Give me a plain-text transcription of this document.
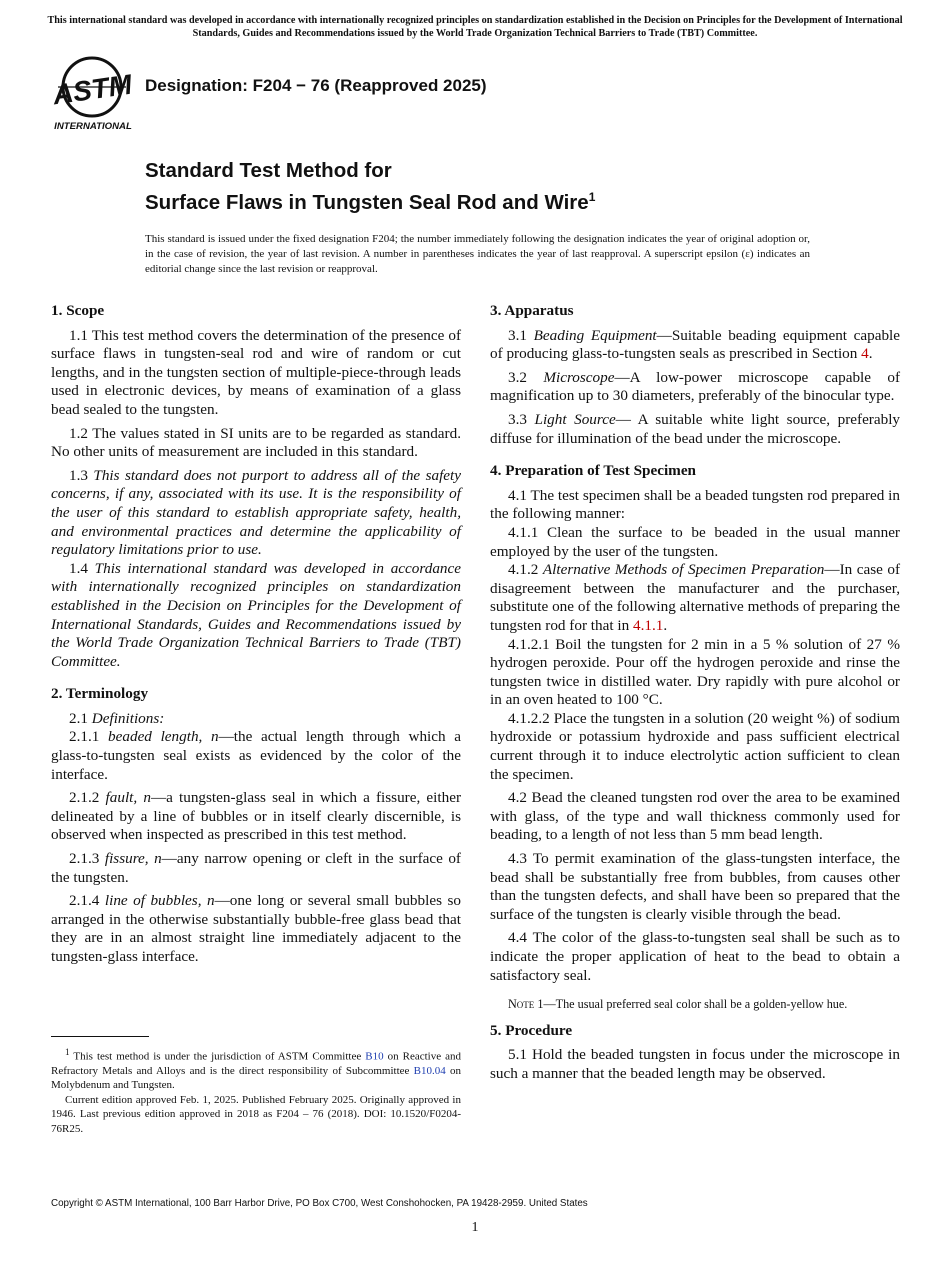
This international standard was developed in accordance with internationally recognized principles on standardization established in the Decision on Principles for the Development of International Standards, Guides and Recommendations issued by the World Trade Organization Technical Barriers to Trade (TBT) Committee.
ASTM
INTERNATIONAL
Designation: F204 − 76 (Reapproved 2025)
Standard Test Method for
Surface Flaws in Tungsten Seal Rod and Wire$^1$
This standard is issued under the fixed designation F204; the number immediately following the designation indicates the year of original adoption or, in the case of revision, the year of last revision. A number in parentheses indicates the year of last reapproval. A superscript epsilon (ε) indicates an editorial change since the last revision or reapproval.
1. Scope

1.1 This test method covers the determination of the presence of surface flaws in tungsten-seal rod and wire of random or cut lengths, and in the tungsten section of multiple-piece-through leads used in electronic devices, by means of examination of a glass bead sealed to the tungsten.

1.2 The values stated in SI units are to be regarded as standard. No other units of measurement are included in this standard.

1.3 This standard does not purport to address all of the safety concerns, if any, associated with its use. It is the responsibility of the user of this standard to establish appropriate safety, health, and environmental practices and determine the applicability of regulatory limitations prior to use.

1.4 This international standard was developed in accordance with internationally recognized principles on standardization established in the Decision on Principles for the Development of International Standards, Guides and Recommendations issued by the World Trade Organization Technical Barriers to Trade (TBT) Committee.

2. Terminology

2.1 Definitions:

2.1.1 beaded length, n—the actual length through which a glass-to-tungsten seal exists as evidenced by the color of the interface.

2.1.2 fault, n—a tungsten-glass seal in which a fissure, either delineated by a line of bubbles or in itself clearly discernible, is observed when inspected as prescribed in this test method.

2.1.3 fissure, n—any narrow opening or cleft in the surface of the tungsten.

2.1.4 line of bubbles, n—one long or several small bubbles so arranged in the otherwise substantially bubble-free glass bead that they are in an almost straight line immediately adjacent to the tungsten-glass interface.

$^1$ This test method is under the jurisdiction of ASTM Committee B10 on Reactive and Refractory Metals and Alloys and is the direct responsibility of Subcommittee B10.04 on Molybdenum and Tungsten.

Current edition approved Feb. 1, 2025. Published February 2025. Originally approved in 1946. Last previous edition approved in 2018 as F204 – 76 (2018). DOI: 10.1520/F0204-76R25.

3. Apparatus

3.1 Beading Equipment—Suitable beading equipment capable of producing glass-to-tungsten seals as prescribed in Section 4.

3.2 Microscope—A low-power microscope capable of magnification up to 30 diameters, preferably of the binocular type.

3.3 Light Source— A suitable white light source, preferably diffuse for illumination of the bead under the microscope.

4. Preparation of Test Specimen

4.1 The test specimen shall be a beaded tungsten rod prepared in the following manner:

4.1.1 Clean the surface to be beaded in the usual manner employed by the user of the tungsten.

4.1.2 Alternative Methods of Specimen Preparation—In case of disagreement between the manufacturer and the purchaser, substitute one of the following alternative methods of preparing the tungsten rod for that in 4.1.1.

4.1.2.1 Boil the tungsten for 2 min in a 5 % solution of 27 % hydrogen peroxide. Pour off the hydrogen peroxide and rinse the tungsten twice in distilled water. Dry rapidly with pure alcohol or in an oven heated to 100 °C.

4.1.2.2 Place the tungsten in a solution (20 weight %) of sodium hydroxide or potassium hydroxide and pass sufficient electrical current through it to induce electrolytic action sufficient to clean the specimen.

4.2 Bead the cleaned tungsten rod over the area to be examined with glass, of the type and wall thickness commonly used for beading, to a length of not less than 5 mm bead length.

4.3 To permit examination of the glass-tungsten interface, the bead shall be substantially free from bubbles, from causes other than the tungsten defects, and shall have been so prepared that the surface of the tungsten is clearly visible through the bead.

4.4 The color of the glass-to-tungsten seal shall be such as to indicate the proper application of heat to the bead to obtain a satisfactory seal.

Note 1—The usual preferred seal color shall be a golden-yellow hue.
5. Procedure

5.1 Hold the beaded tungsten in focus under the microscope in such a manner that the beaded length may be observed.

Copyright © ASTM International, 100 Barr Harbor Drive, PO Box C700, West Conshohocken, PA 19428-2959. United States
1
